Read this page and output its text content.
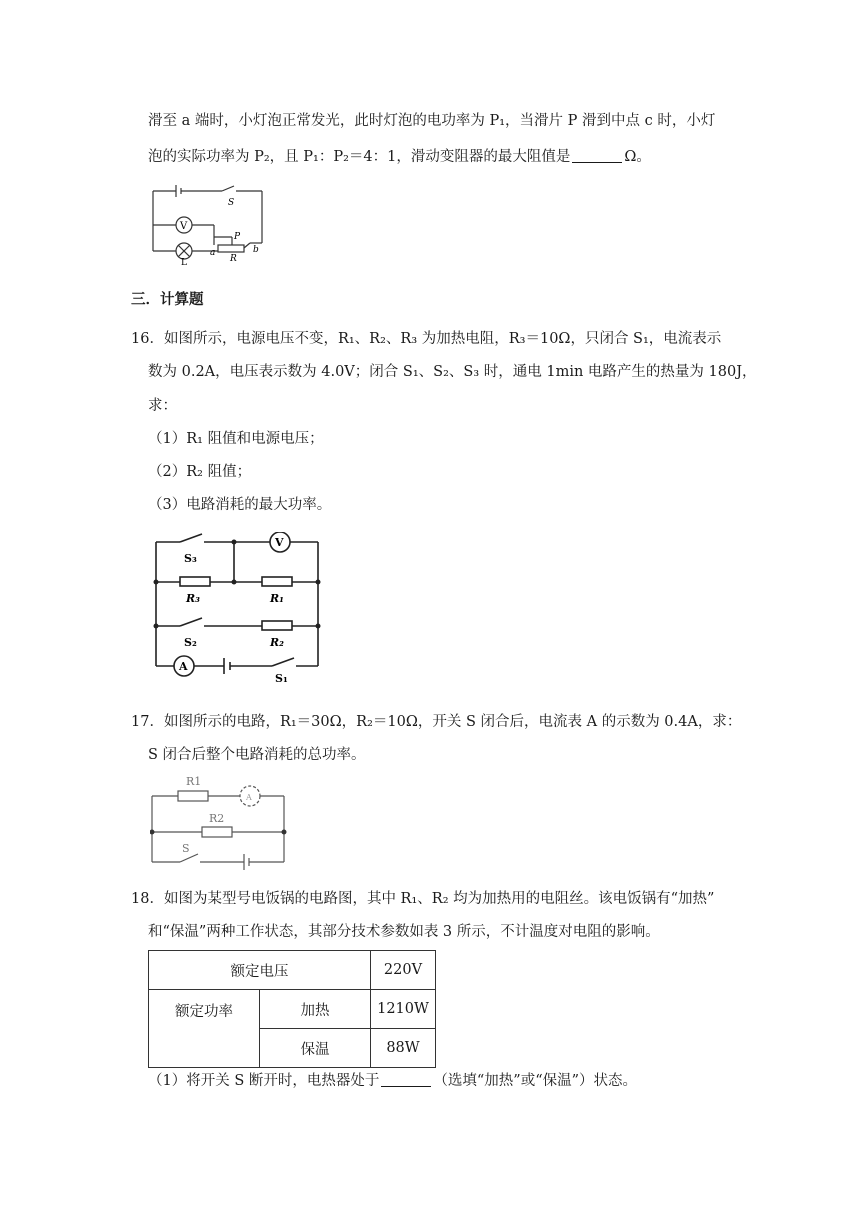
滑至 a 端时，小灯泡正常发光，此时灯泡的电功率为 P₁，当滑片 P 滑到中点 c 时，小灯
泡的实际功率为 P₂，且 P₁：P₂＝4：1，滑动变阻器的最大阻值是	Ω。
S
V
L
P
R
a	b
三．计算题
16．如图所示，电源电压不变，R₁、R₂、R₃ 为加热电阻，R₃＝10Ω，只闭合 S₁，电流表示
数为 0.2A，电压表示数为 4.0V；闭合 S₁、S₂、S₃ 时，通电 1min 电路产生的热量为 180J，
求：
（1）R₁ 阻值和电源电压；
（2）R₂ 阻值；
（3）电路消耗的最大功率。
S₃
V
R₃	R₁
S₂	R₂
A
S₁
17．如图所示的电路，R₁＝30Ω，R₂＝10Ω，开关 S 闭合后，电流表 A 的示数为 0.4A，求：
S 闭合后整个电路消耗的总功率。
R1
A
R2
S
18．如图为某型号电饭锅的电路图，其中 R₁、R₂ 均为加热用的电阻丝。该电饭锅有“加热”
和“保温”两种工作状态，其部分技术参数如表 3 所示，不计温度对电阻的影响。
额定电压		220V
额定功率	加热	1210W
	保温	88W
（1）将开关 S 断开时，电热器处于	（选填“加热”或“保温”）状态。
